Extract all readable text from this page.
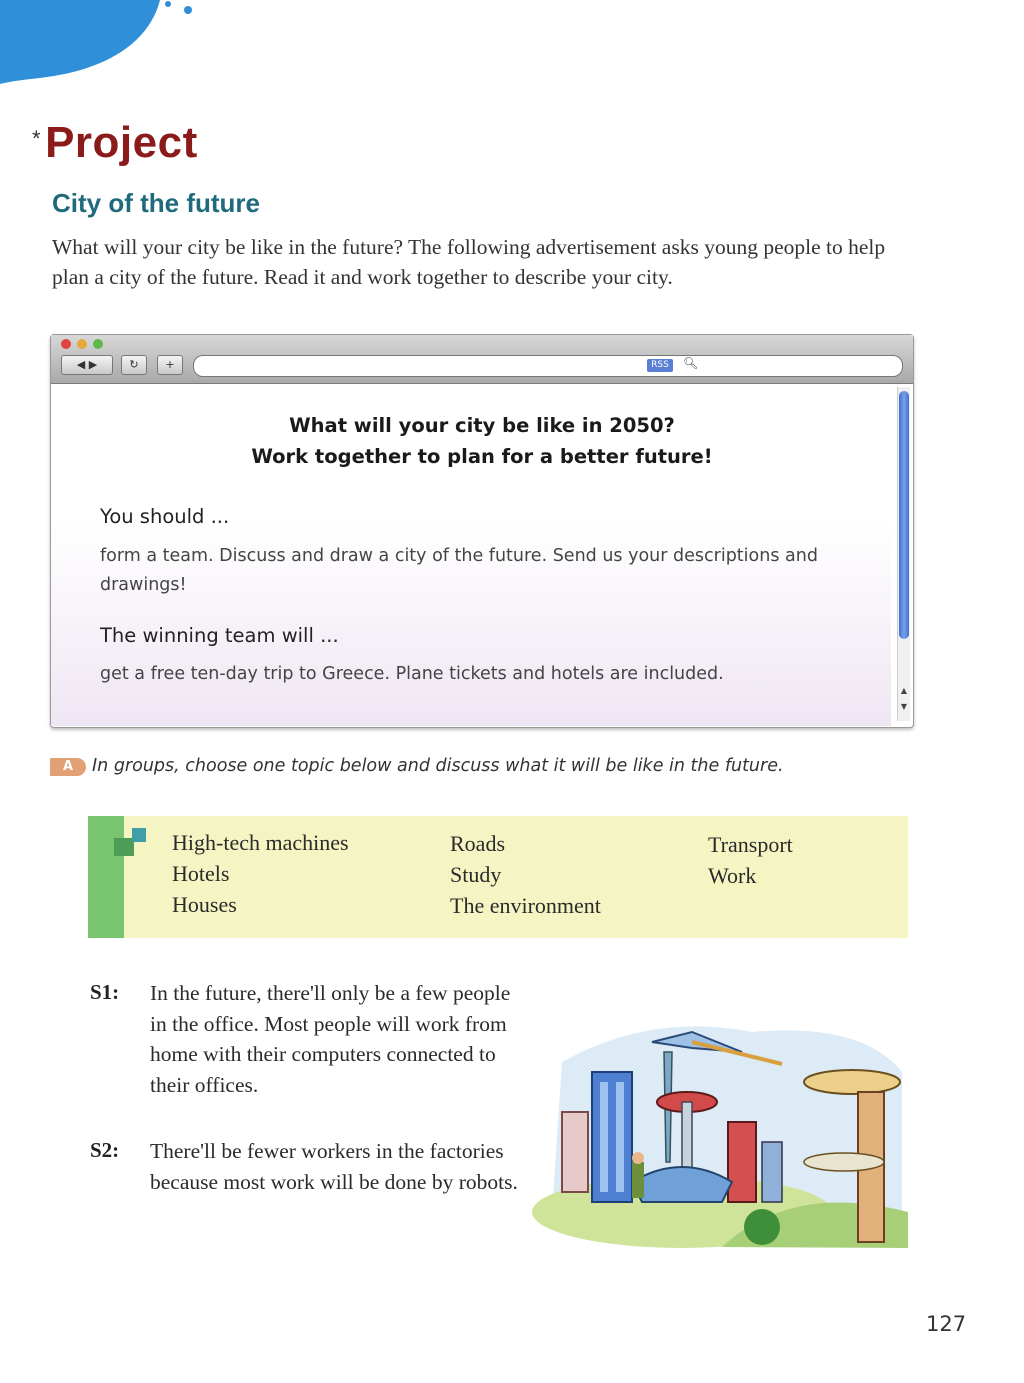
*Project
City of the future
What will your city be like in the future? The following advertisement asks young people to help plan a city of the future. Read it and work together to describe your city.
◀ ▶	↻	+	RSS	🔍︎
What will your city be like in 2050?
Work together to plan for a better future!
You should ...
form a team. Discuss and draw a city of the future. Send us your descriptions and drawings!
The winning team will ...
get a free ten-day trip to Greece. Plane tickets and hotels are included.
▲
▼
A In groups, choose one topic below and discuss what it will be like in the future.
High-tech machines
Hotels
Houses
Roads
Study
The environment
Transport
Work
S1: In the future, there'll only be a few people in the office. Most people will work from home with their computers connected to their offices.
S2: There'll be fewer workers in the factories because most work will be done by robots.
127
